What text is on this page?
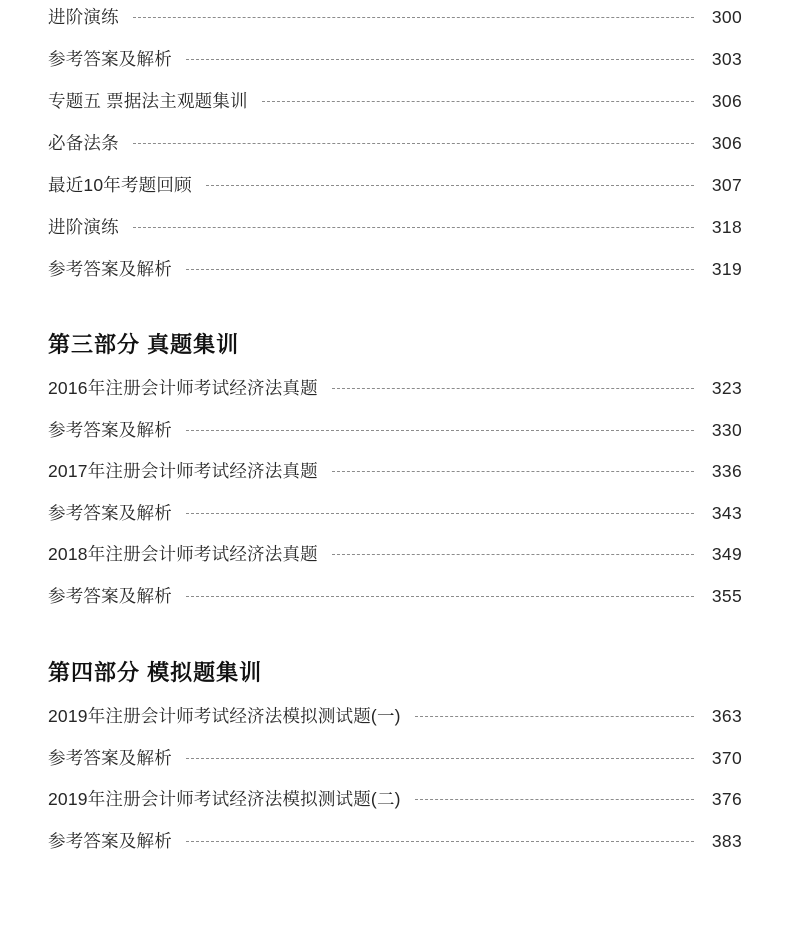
进阶演练	300
参考答案及解析	303
专题五 票据法主观题集训	306
必备法条	306
最近10年考题回顾	307
进阶演练	318
参考答案及解析	319
第三部分 真题集训
2016年注册会计师考试经济法真题	323
参考答案及解析	330
2017年注册会计师考试经济法真题	336
参考答案及解析	343
2018年注册会计师考试经济法真题	349
参考答案及解析	355
第四部分 模拟题集训
2019年注册会计师考试经济法模拟测试题(一)	363
参考答案及解析	370
2019年注册会计师考试经济法模拟测试题(二)	376
参考答案及解析	383
